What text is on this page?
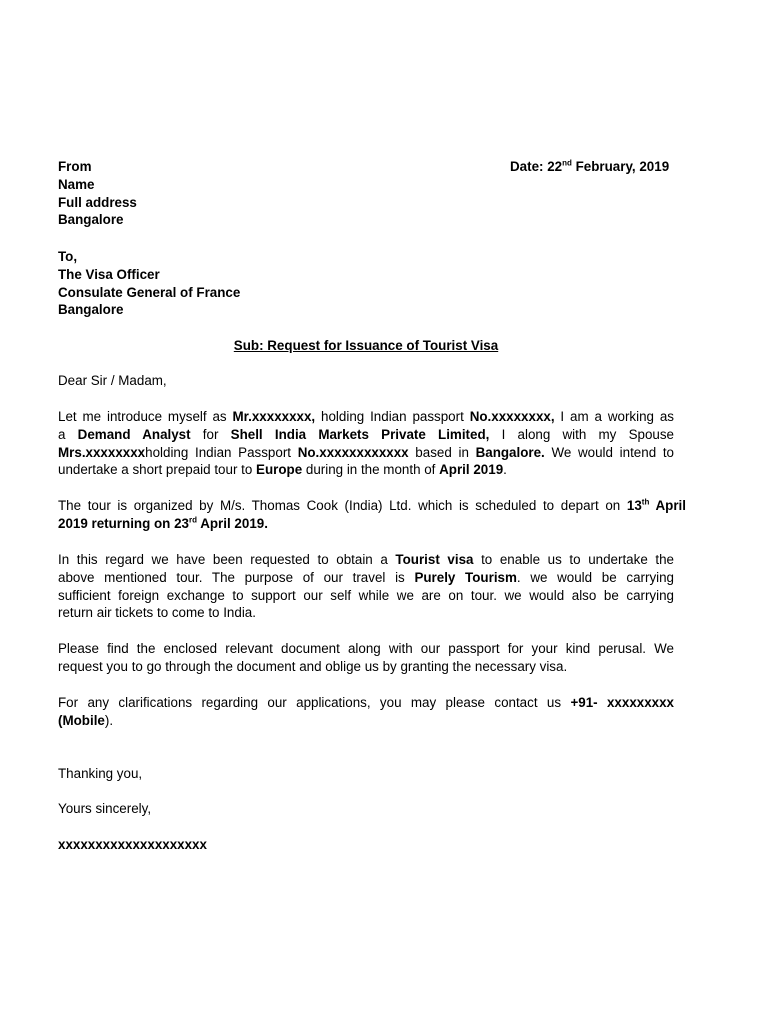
From
Name
Full address
Bangalore
Date: 22nd February, 2019
To,
The Visa Officer
Consulate General of France
Bangalore
Sub: Request for Issuance of Tourist Visa
Dear Sir / Madam,
Let me introduce myself as Mr.xxxxxxxx, holding Indian passport No.xxxxxxxx, I am a working as
a Demand Analyst for Shell India Markets Private Limited, I along with my Spouse
Mrs.xxxxxxxxholding Indian Passport No.xxxxxxxxxxxx based in Bangalore. We would intend to
undertake a short prepaid tour to Europe during in the month of April 2019.
The tour is organized by M/s. Thomas Cook (India) Ltd. which is scheduled to depart on 13th April
2019 returning on 23rd April 2019.
In this regard we have been requested to obtain a Tourist visa to enable us to undertake the
above mentioned tour. The purpose of our travel is Purely Tourism. we would be carrying
sufficient foreign exchange to support our self while we are on tour. we would also be carrying
return air tickets to come to India.
Please find the enclosed relevant document along with our passport for your kind perusal. We
request you to go through the document and oblige us by granting the necessary visa.
For any clarifications regarding our applications, you may please contact us +91- xxxxxxxxx
(Mobile).
Thanking you,
Yours sincerely,
xxxxxxxxxxxxxxxxxxxx
